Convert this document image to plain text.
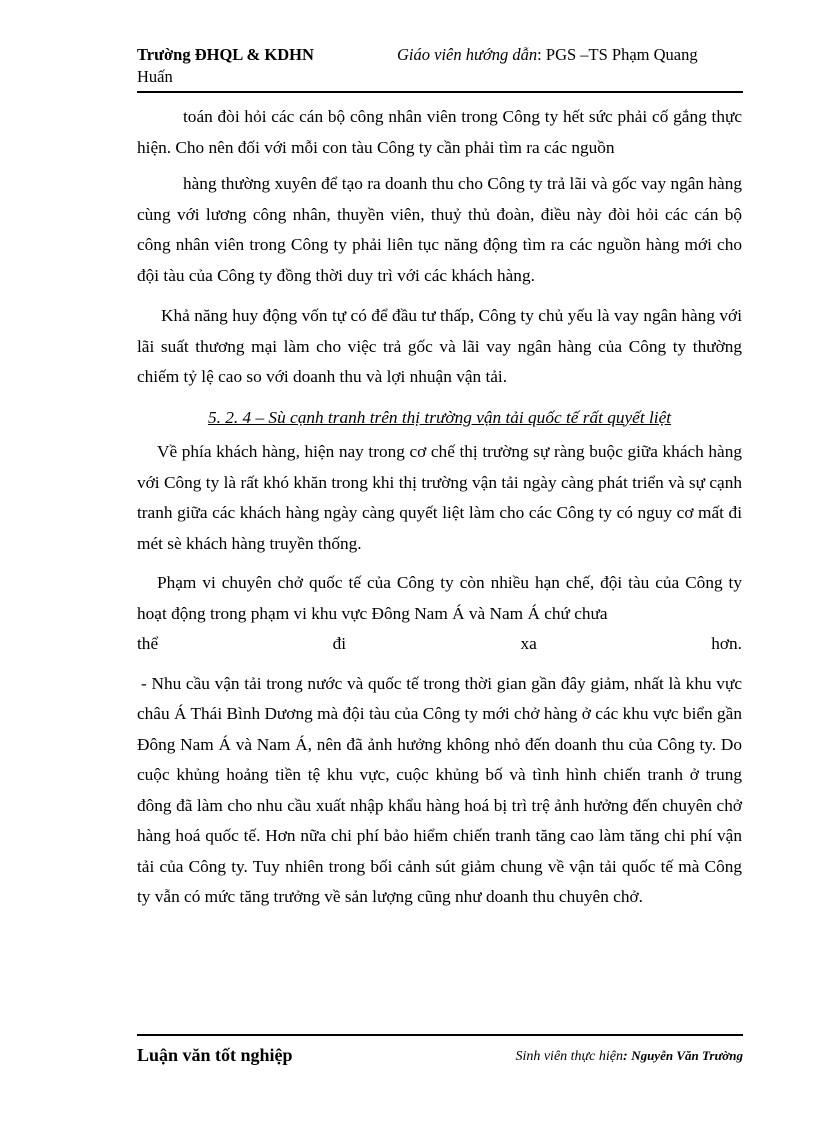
Trường ĐHQL & KDHN	Giáo viên hướng dẫn: PGS –TS Phạm Quang
Huấn

toán đòi hỏi các cán bộ công nhân viên trong Công ty hết sức phải cố gắng thực hiện. Cho nên đối với mỗi con tàu Công ty cần phải tìm ra các nguồn

hàng thường xuyên để tạo ra doanh thu cho Công ty trả lãi và gốc vay ngân hàng cùng với lương công nhân, thuyền viên, thuỷ thủ đoàn, điều này đòi hỏi các cán bộ công nhân viên trong Công ty phải liên tục năng động tìm ra các nguồn hàng mới cho đội tàu của Công ty đồng thời duy trì với các khách hàng.

Khả năng huy động vốn tự có để đầu tư thấp, Công ty chủ yếu là vay ngân hàng với lãi suất thương mại làm cho việc trả gốc và lãi vay ngân hàng của Công ty thường chiếm tỷ lệ cao so với doanh thu và lợi nhuận vận tải.

5. 2. 4 – Sù cạnh tranh trên thị trường vận tải quốc tế rất quyết liệt

Về phía khách hàng, hiện nay trong cơ chế thị trường sự ràng buộc giữa khách hàng với Công ty là rất khó khăn trong khi thị trường vận tải ngày càng phát triển và sự cạnh tranh giữa các khách hàng ngày càng quyết liệt làm cho các Công ty có nguy cơ mất đi mét sè khách hàng truyền thống.

Phạm vi chuyên chở quốc tế của Công ty còn nhiều hạn chế, đội tàu của Công ty hoạt động trong phạm vi khu vực Đông Nam Á và Nam Á chứ chưa

thể	đi	xa	hơn.

- Nhu cầu vận tải trong nước và quốc tế trong thời gian gần đây giảm, nhất là khu vực châu Á Thái Bình Dương mà đội tàu của Công ty mới chở hàng ở các khu vực biển gần Đông Nam Á và Nam Á, nên đã ảnh hưởng không nhỏ đến doanh thu của Công ty. Do cuộc khủng hoảng tiền tệ khu vực, cuộc khủng bố và tình hình chiến tranh ở trung đông đã làm cho nhu cầu xuất nhập khẩu hàng hoá bị trì trệ ảnh hưởng đến chuyên chở hàng hoá quốc tế. Hơn nữa chi phí bảo hiểm chiến tranh tăng cao làm tăng chi phí vận tải của Công ty. Tuy nhiên trong bối cảnh sút giảm chung về vận tải quốc tế mà Công ty vẫn có mức tăng trưởng về sản lượng cũng như doanh thu chuyên chở.

Luận văn tốt nghiệp	Sinh viên thực hiện: Nguyễn Văn Trường
